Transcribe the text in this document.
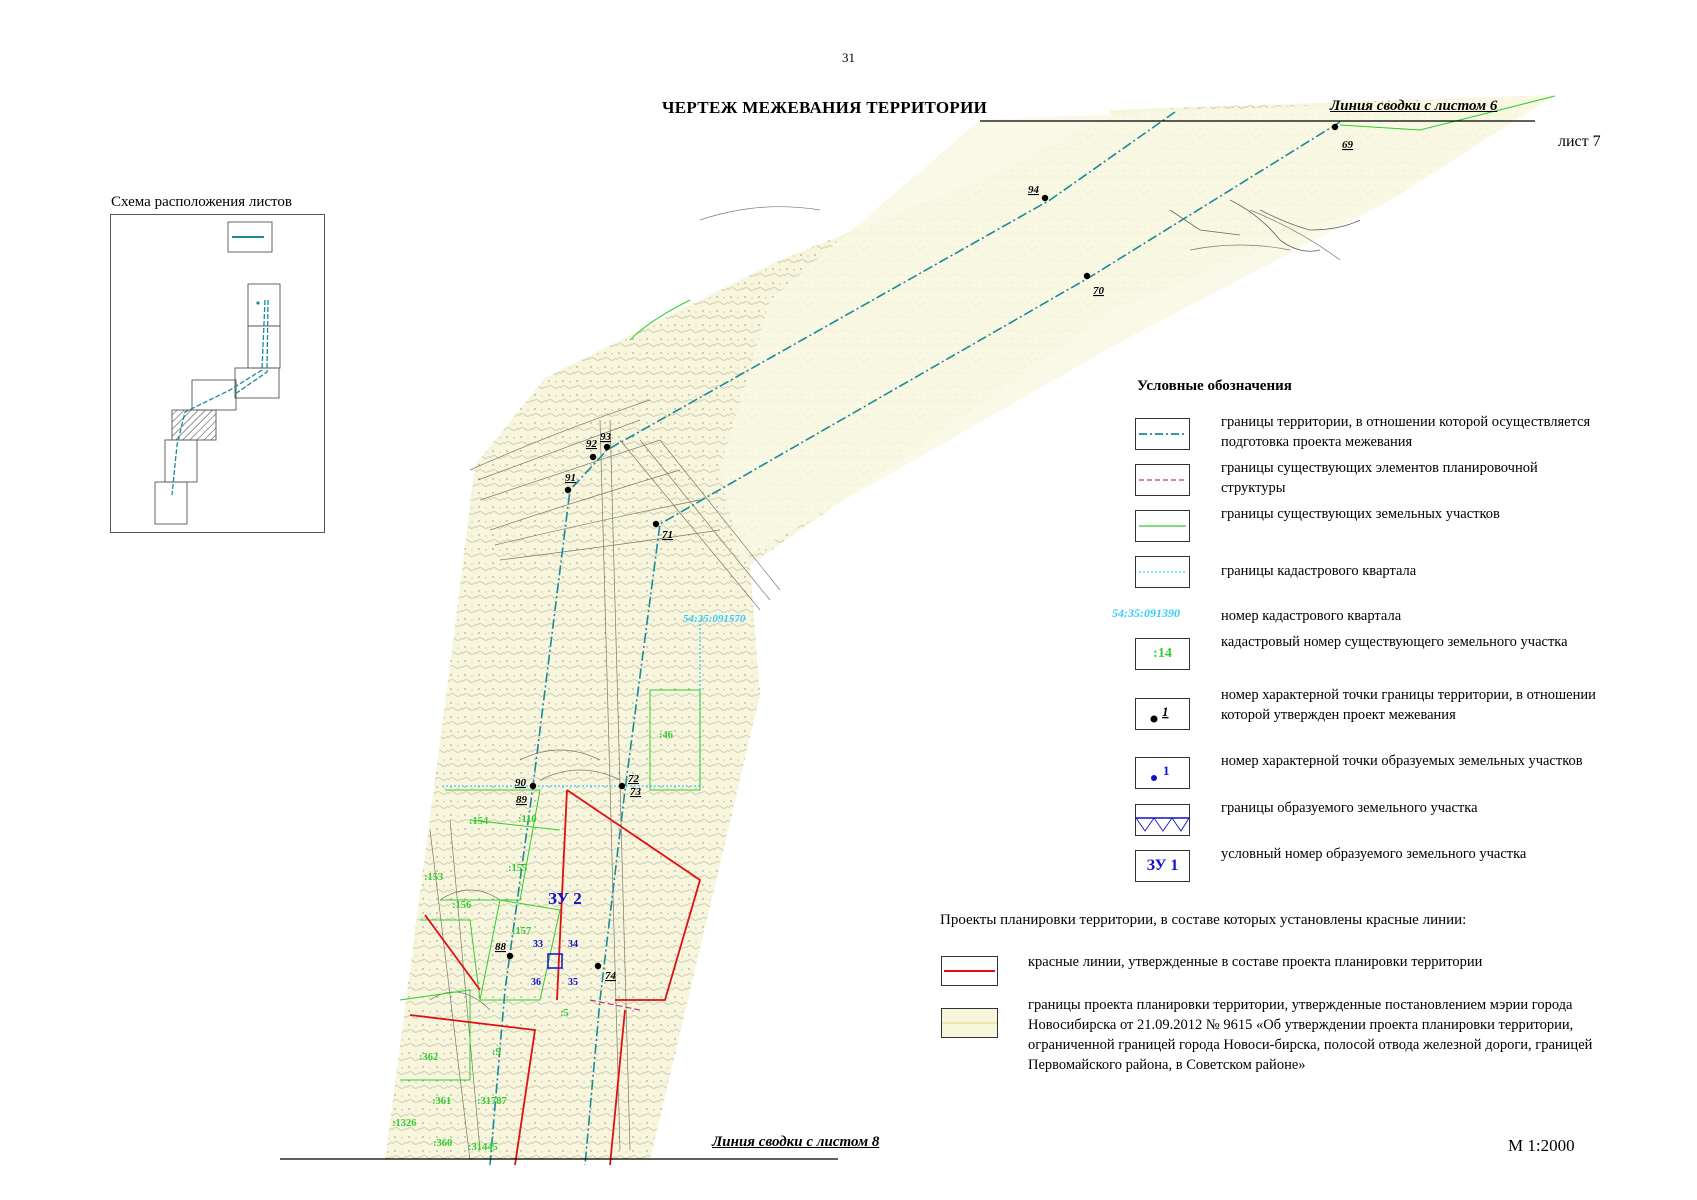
31
ЧЕРТЕЖ МЕЖЕВАНИЯ ТЕРРИТОРИИ
лист 7
М 1:2000
69
70
71
72
73
74
88
89
90
91
92
93
94
33	34
35
36
ЗУ 2
54:35:091570
:46
:154	:110
:153
:156
:155
:157
:362
:361 :31787
:1326
:360 :31445
:5
:9
Линия сводки с листом 6
Линия сводки с листом 8
Схема расположения листов
Условные обозначения
границы территории, в отношении которой осуществляется подготовка проекта межевания
границы существующих элементов планировочной структуры
границы существующих земельных участков
границы кадастрового квартала
54:35:091390	номер кадастрового квартала
:14
кадастровый номер существующего земельного участка
1
номер характерной точки границы территории, в отношении которой утвержден проект межевания
1
номер характерной точки образуемых земельных участков
границы образуемого земельного участка
ЗУ 1
условный номер образуемого земельного участка
Проекты планировки территории, в составе которых установлены красные линии:
красные линии, утвержденные в составе проекта планировки территории
границы проекта планировки территории, утвержденные постановлением мэрии города Новосибирска от 21.09.2012 № 9615 «Об утверждении проекта планировки территории, ограниченной границей города Новоси-бирска, полосой отвода железной дороги, границей Первомайского района, в Советском районе»
